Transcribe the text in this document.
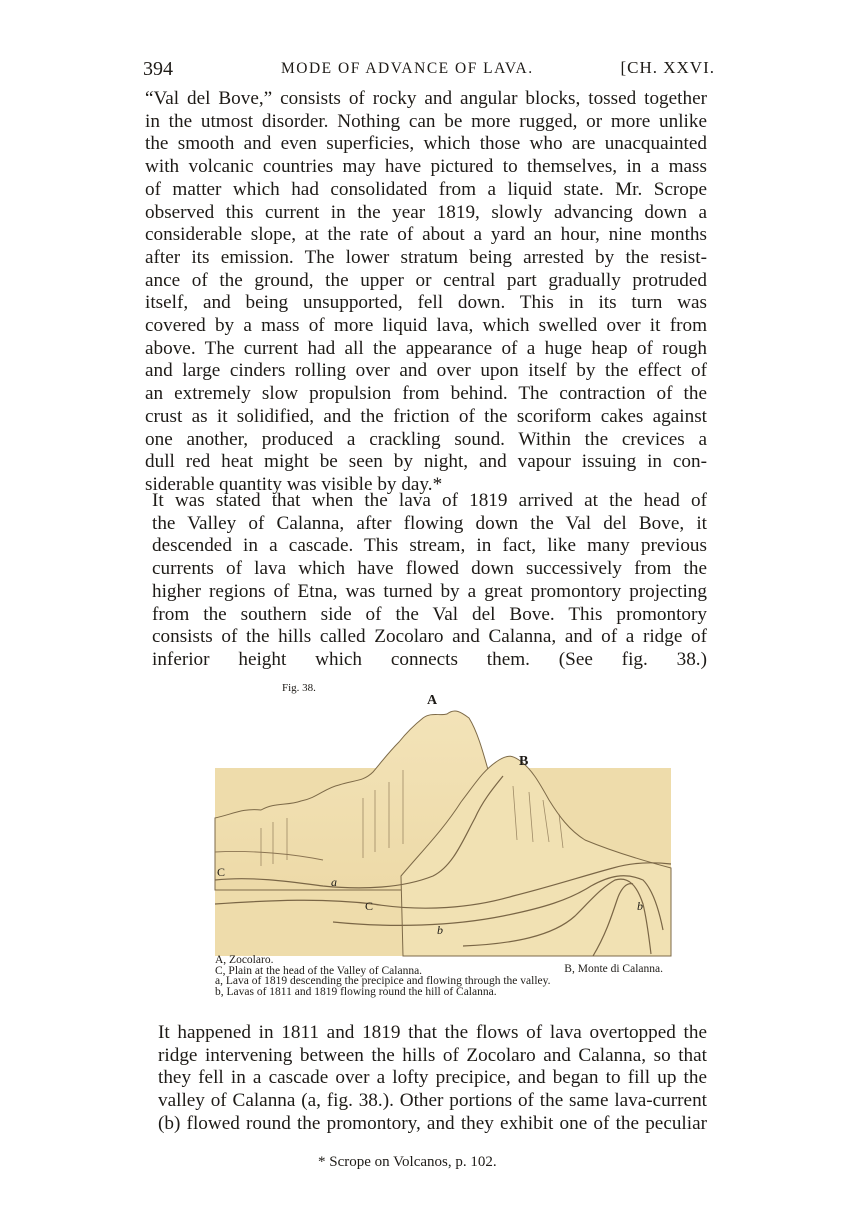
394	MODE OF ADVANCE OF LAVA.	[CH. XXVI.
“Val del Bove,” consists of rocky and angular blocks, tossed together
in the utmost disorder. Nothing can be more rugged, or more unlike
the smooth and even superficies, which those who are unacquainted
with volcanic countries may have pictured to themselves, in a mass
of matter which had consolidated from a liquid state. Mr. Scrope
observed this current in the year 1819, slowly advancing down a
considerable slope, at the rate of about a yard an hour, nine months
after its emission. The lower stratum being arrested by the resist-
ance of the ground, the upper or central part gradually protruded
itself, and being unsupported, fell down. This in its turn was
covered by a mass of more liquid lava, which swelled over it from
above. The current had all the appearance of a huge heap of rough
and large cinders rolling over and over upon itself by the effect of
an extremely slow propulsion from behind. The contraction of the
crust as it solidified, and the friction of the scoriform cakes against
one another, produced a crackling sound. Within the crevices a
dull red heat might be seen by night, and vapour issuing in con-
siderable quantity was visible by day.*
It was stated that when the lava of 1819 arrived at the head of
the Valley of Calanna, after flowing down the Val del Bove, it
descended in a cascade. This stream, in fact, like many previous
currents of lava which have flowed down successively from the
higher regions of Etna, was turned by a great promontory projecting
from the southern side of the Val del Bove. This promontory
consists of the hills called Zocolaro and Calanna, and of a ridge of
inferior height which connects them. (See fig. 38.)
Fig. 38.
A
B
C
C
a
b
b
A, Zocolaro.
C, Plain at the head of the Valley of Calanna.
a, Lava of 1819 descending the precipice and flowing through the valley.
b, Lavas of 1811 and 1819 flowing round the hill of Calanna.
B, Monte di Calanna.
It happened in 1811 and 1819 that the flows of lava overtopped the
ridge intervening between the hills of Zocolaro and Calanna, so that
they fell in a cascade over a lofty precipice, and began to fill up the
valley of Calanna (a, fig. 38.). Other portions of the same lava-current
(b) flowed round the promontory, and they exhibit one of the peculiar
* Scrope on Volcanos, p. 102.
